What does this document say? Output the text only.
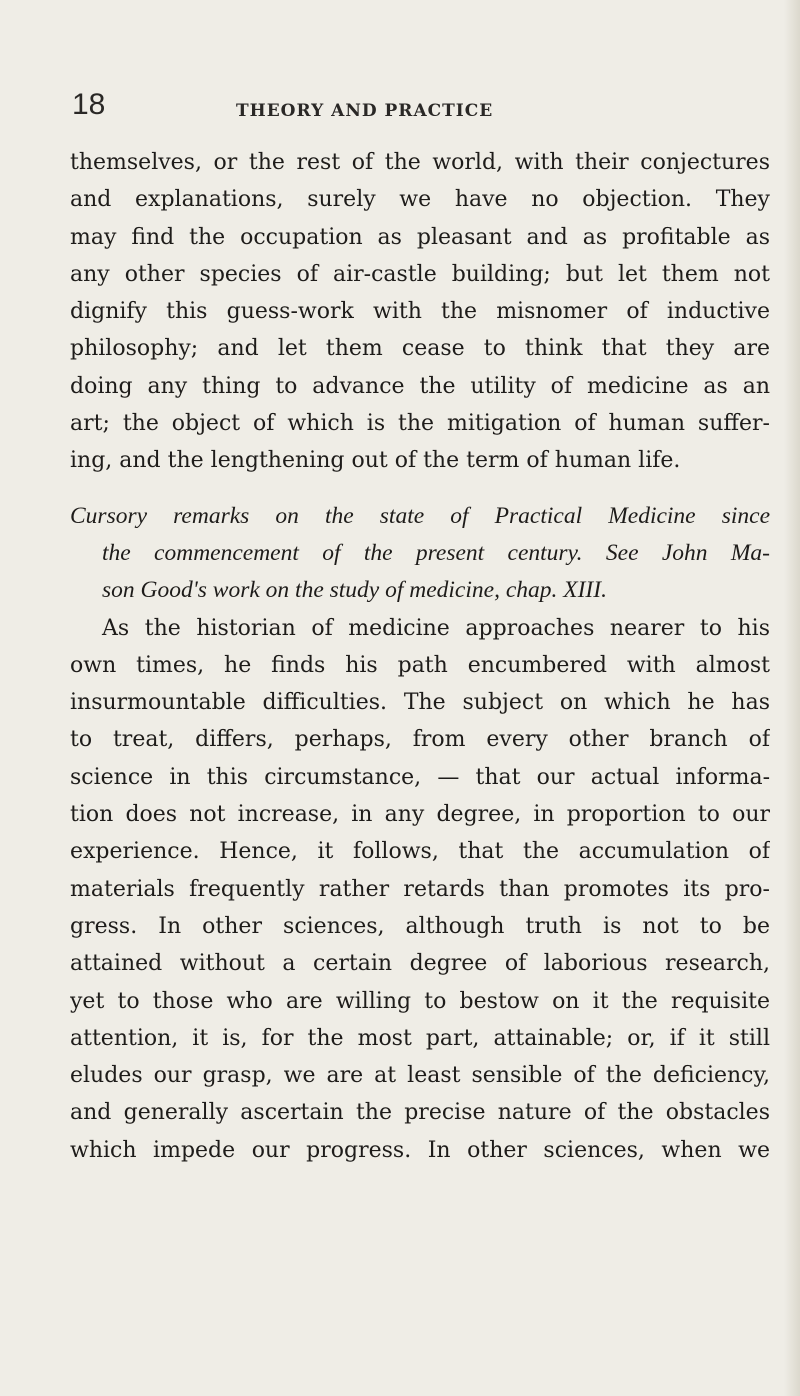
18	THEORY AND PRACTICE
themselves, or the rest of the world, with their conjectures
and explanations, surely we have no objection. They
may find the occupation as pleasant and as profitable as
any other species of air-castle building; but let them not
dignify this guess-work with the misnomer of inductive
philosophy; and let them cease to think that they are
doing any thing to advance the utility of medicine as an
art; the object of which is the mitigation of human suffer-
ing, and the lengthening out of the term of human life.
Cursory remarks on the state of Practical Medicine since
the commencement of the present century. See John Ma-
son Good's work on the study of medicine, chap. XIII.
As the historian of medicine approaches nearer to his
own times, he finds his path encumbered with almost
insurmountable difficulties. The subject on which he has
to treat, differs, perhaps, from every other branch of
science in this circumstance, — that our actual informa-
tion does not increase, in any degree, in proportion to our
experience. Hence, it follows, that the accumulation of
materials frequently rather retards than promotes its pro-
gress. In other sciences, although truth is not to be
attained without a certain degree of laborious research,
yet to those who are willing to bestow on it the requisite
attention, it is, for the most part, attainable; or, if it still
eludes our grasp, we are at least sensible of the deficiency,
and generally ascertain the precise nature of the obstacles
which impede our progress. In other sciences, when we
